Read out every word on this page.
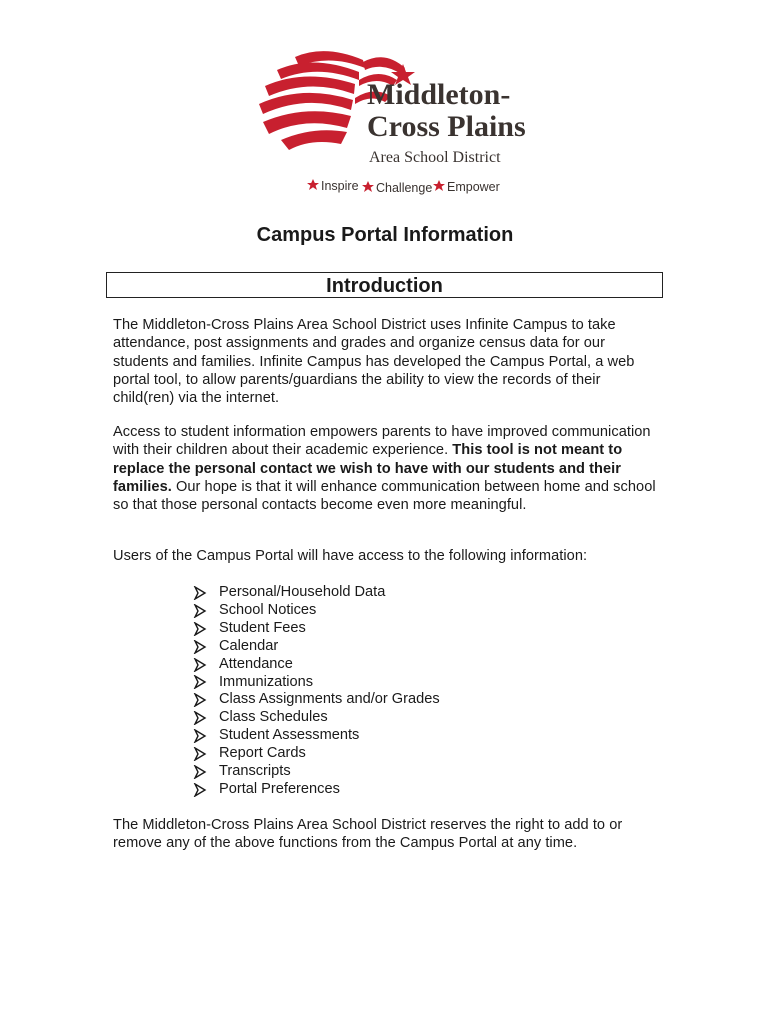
Middleton-
Cross Plains
Area School District
Inspire Challenge Empower
Campus Portal Information
Introduction

The Middleton-Cross Plains Area School District uses Infinite Campus to take attendance, post assignments and grades and organize census data for our students and families. Infinite Campus has developed the Campus Portal, a web portal tool, to allow parents/guardians the ability to view the records of their child(ren) via the internet.

Access to student information empowers parents to have improved communication with their children about their academic experience. This tool is not meant to replace the personal contact we wish to have with our students and their families. Our hope is that it will enhance communication between home and school so that those personal contacts become even more meaningful.

Users of the Campus Portal will have access to the following information:

Personal/Household Data
School Notices
Student Fees
Calendar
Attendance
Immunizations
Class Assignments and/or Grades
Class Schedules
Student Assessments
Report Cards
Transcripts
Portal Preferences

The Middleton-Cross Plains Area School District reserves the right to add to or remove any of the above functions from the Campus Portal at any time.
